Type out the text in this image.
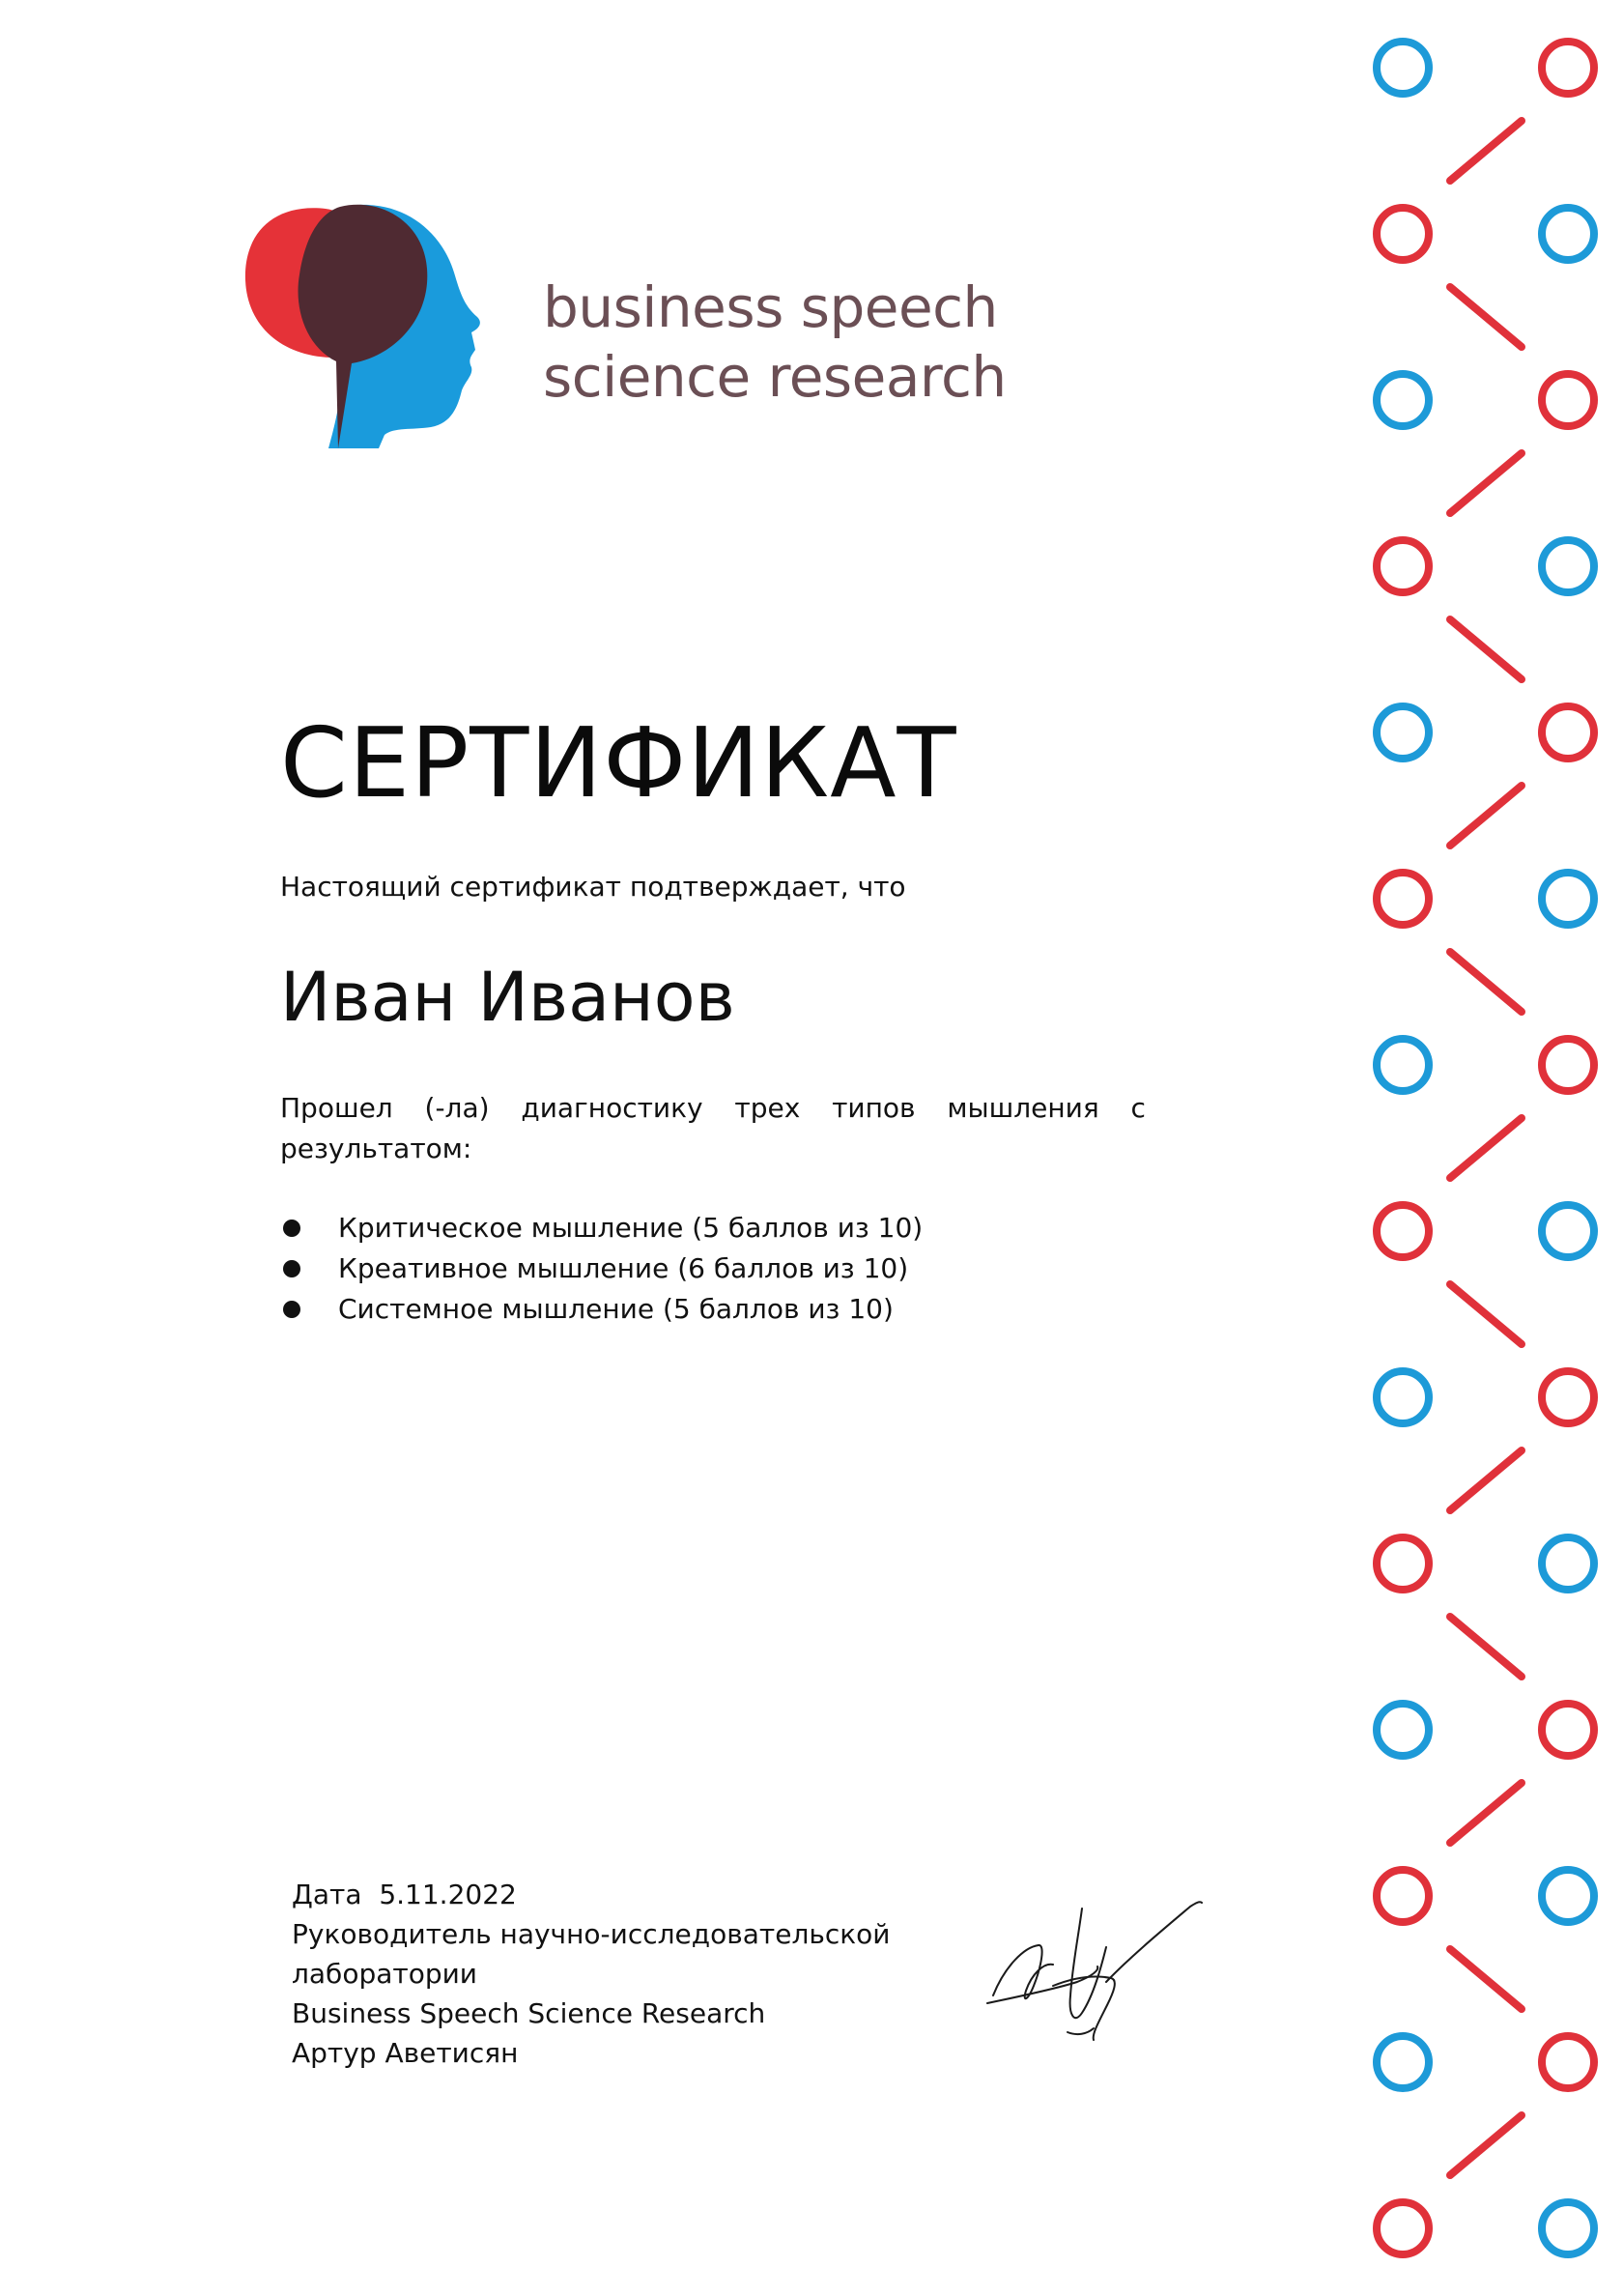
business speech
science research
СЕРТИФИКАТ
Настоящий сертификат подтверждает, что
Иван Иванов
Прошел (-ла) диагностику трех типов мышления с
результатом:
Критическое мышление (5 баллов из 10)
Креативное мышление (6 баллов из 10)
Системное мышление (5 баллов из 10)
Дата 5.11.2022
Руководитель научно-исследовательской
лаборатории
Business Speech Science Research
Артур Аветисян
